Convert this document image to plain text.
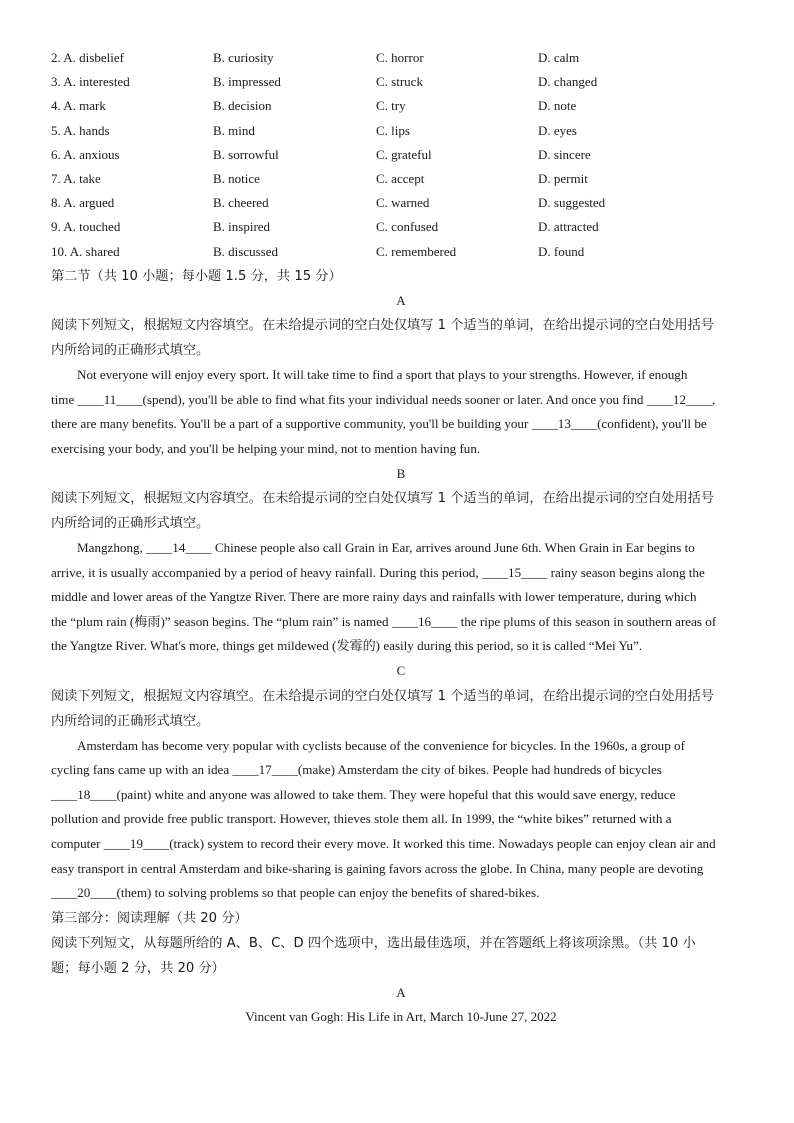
2. A. disbelief	B. curiosity	C. horror	D. calm
3. A. interested	B. impressed	C. struck	D. changed
4. A. mark	B. decision	C. try	D. note
5. A. hands	B. mind	C. lips	D. eyes
6. A. anxious	B. sorrowful	C. grateful	D. sincere
7. A. take	B. notice	C. accept	D. permit
8. A. argued	B. cheered	C. warned	D. suggested
9. A. touched	B. inspired	C. confused	D. attracted
10. A. shared	B. discussed	C. remembered	D. found

第二节（共 10 小题；每小题 1.5 分，共 15 分）

A

阅读下列短文，根据短文内容填空。在未给提示词的空白处仅填写 1 个适当的单词，在给出提示词的空白处用括号

内所给词的正确形式填空。

Not everyone will enjoy every sport. It will take time to find a sport that plays to your strengths. However, if enough
time ____11____(spend), you'll be able to find what fits your individual needs sooner or later. And once you find ____12____,
there are many benefits. You'll be a part of a supportive community, you'll be building your ____13____(confident), you'll be
exercising your body, and you'll be helping your mind, not to mention having fun.

B

阅读下列短文，根据短文内容填空。在未给提示词的空白处仅填写 1 个适当的单词，在给出提示词的空白处用括号

内所给词的正确形式填空。

Mangzhong, ____14____ Chinese people also call Grain in Ear, arrives around June 6th. When Grain in Ear begins to
arrive, it is usually accompanied by a period of heavy rainfall. During this period, ____15____ rainy season begins along the
middle and lower areas of the Yangtze River. There are more rainy days and rainfalls with lower temperature, during which
the “plum rain (梅雨)” season begins. The “plum rain” is named ____16____ the ripe plums of this season in southern areas of
the Yangtze River. What's more, things get mildewed (发霉的) easily during this period, so it is called “Mei Yu”.

C

阅读下列短文，根据短文内容填空。在未给提示词的空白处仅填写 1 个适当的单词，在给出提示词的空白处用括号

内所给词的正确形式填空。

Amsterdam has become very popular with cyclists because of the convenience for bicycles. In the 1960s, a group of
cycling fans came up with an idea ____17____(make) Amsterdam the city of bikes. People had hundreds of bicycles
____18____(paint) white and anyone was allowed to take them. They were hopeful that this would save energy, reduce
pollution and provide free public transport. However, thieves stole them all. In 1999, the “white bikes” returned with a
computer ____19____(track) system to record their every move. It worked this time. Nowadays people can enjoy clean air and
easy transport in central Amsterdam and bike-sharing is gaining favors across the globe. In China, many people are devoting
____20____(them) to solving problems so that people can enjoy the benefits of shared-bikes.

第三部分：阅读理解（共 20 分）

阅读下列短文，从每题所给的 A、B、C、D 四个选项中，选出最佳选项，并在答题纸上将该项涂黑。（共 10 小

题；每小题 2 分，共 20 分）

A

Vincent van Gogh: His Life in Art, March 10-June 27, 2022
